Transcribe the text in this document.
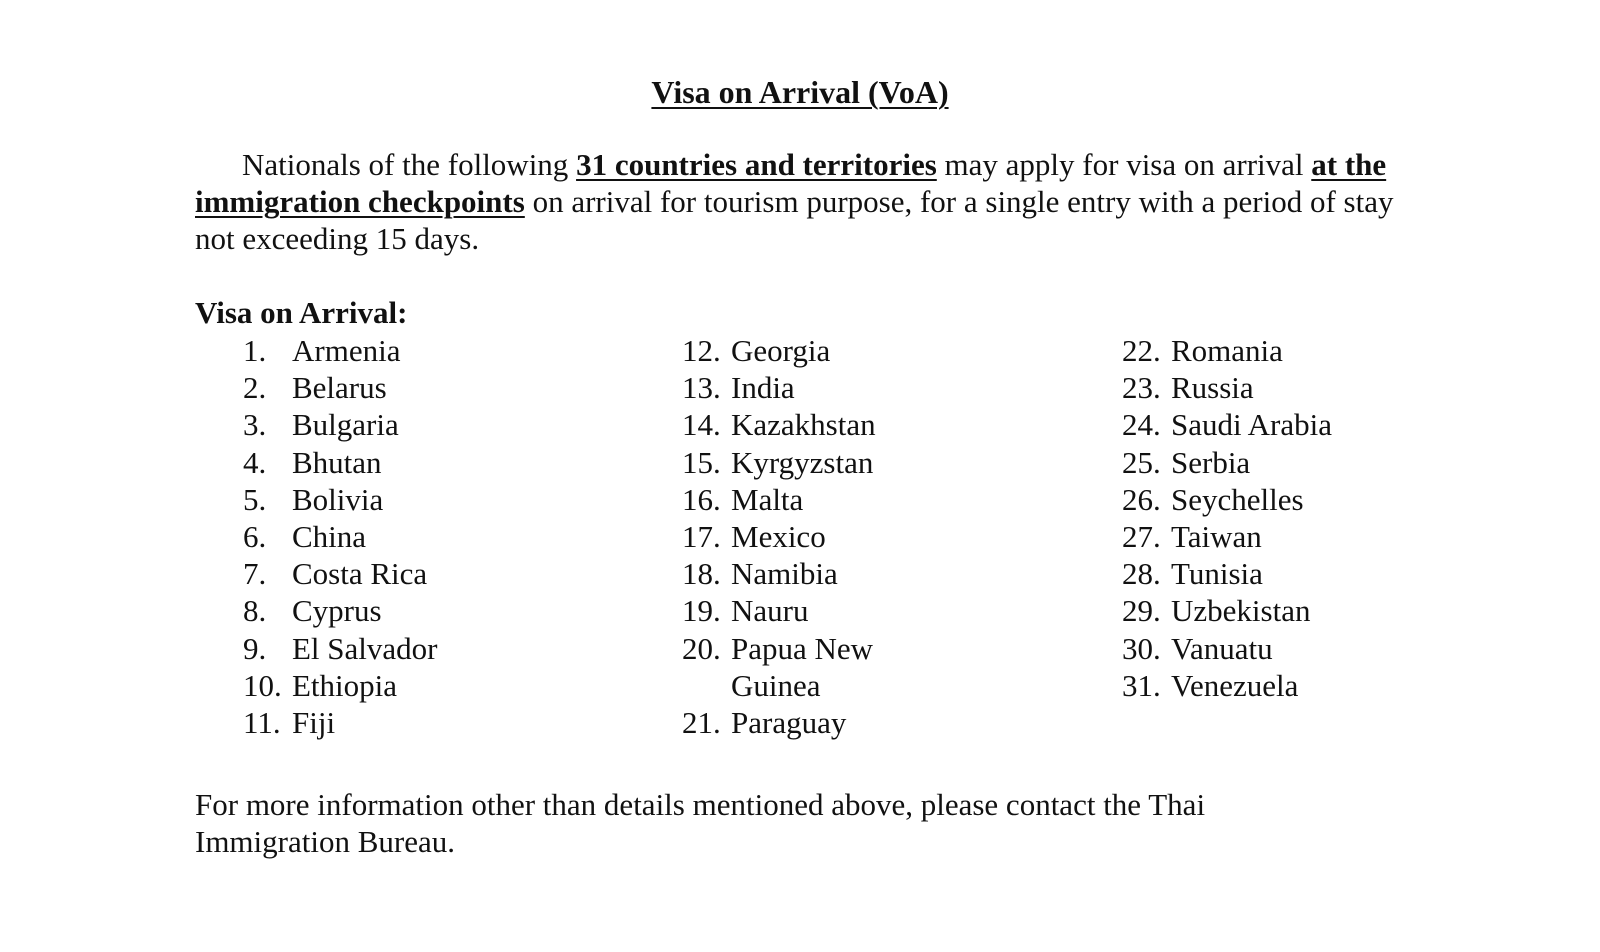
Visa on Arrival (VoA)

Nationals of the following 31 countries and territories may apply for visa on arrival at the immigration checkpoints on arrival for tourism purpose, for a single entry with a period of stay not exceeding 15 days.

Visa on Arrival:
1. Armenia
2. Belarus
3. Bulgaria
4. Bhutan
5. Bolivia
6. China
7. Costa Rica
8. Cyprus
9. El Salvador
10. Ethiopia
11. Fiji
12. Georgia
13. India
14. Kazakhstan
15. Kyrgyzstan
16. Malta
17. Mexico
18. Namibia
19. Nauru
20. Papua New Guinea
21. Paraguay
22. Romania
23. Russia
24. Saudi Arabia
25. Serbia
26. Seychelles
27. Taiwan
28. Tunisia
29. Uzbekistan
30. Vanuatu
31. Venezuela

For more information other than details mentioned above, please contact the Thai Immigration Bureau.
